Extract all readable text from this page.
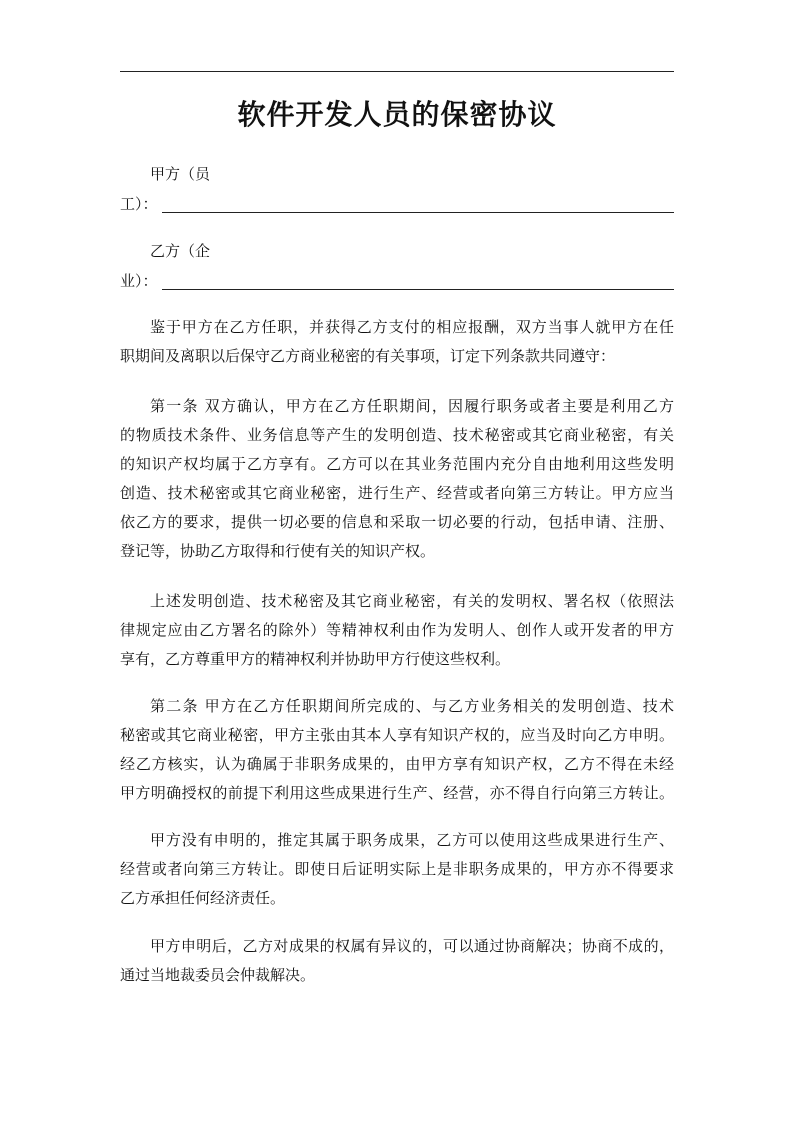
软件开发人员的保密协议
甲方（员
工）：
乙方（企
业）：
鉴于甲方在乙方任职，并获得乙方支付的相应报酬，双方当事人就甲方在任
职期间及离职以后保守乙方商业秘密的有关事项，订定下列条款共同遵守：
第一条 双方确认，甲方在乙方任职期间，因履行职务或者主要是利用乙方
的物质技术条件、业务信息等产生的发明创造、技术秘密或其它商业秘密，有关
的知识产权均属于乙方享有。乙方可以在其业务范围内充分自由地利用这些发明
创造、技术秘密或其它商业秘密，进行生产、经营或者向第三方转让。甲方应当
依乙方的要求，提供一切必要的信息和采取一切必要的行动，包括申请、注册、
登记等，协助乙方取得和行使有关的知识产权。
上述发明创造、技术秘密及其它商业秘密，有关的发明权、署名权（依照法
律规定应由乙方署名的除外）等精神权利由作为发明人、创作人或开发者的甲方
享有，乙方尊重甲方的精神权利并协助甲方行使这些权利。
第二条 甲方在乙方任职期间所完成的、与乙方业务相关的发明创造、技术
秘密或其它商业秘密，甲方主张由其本人享有知识产权的，应当及时向乙方申明。
经乙方核实，认为确属于非职务成果的，由甲方享有知识产权，乙方不得在未经
甲方明确授权的前提下利用这些成果进行生产、经营，亦不得自行向第三方转让。
甲方没有申明的，推定其属于职务成果，乙方可以使用这些成果进行生产、
经营或者向第三方转让。即使日后证明实际上是非职务成果的，甲方亦不得要求
乙方承担任何经济责任。
甲方申明后，乙方对成果的权属有异议的，可以通过协商解决；协商不成的，
通过当地裁委员会仲裁解决。
